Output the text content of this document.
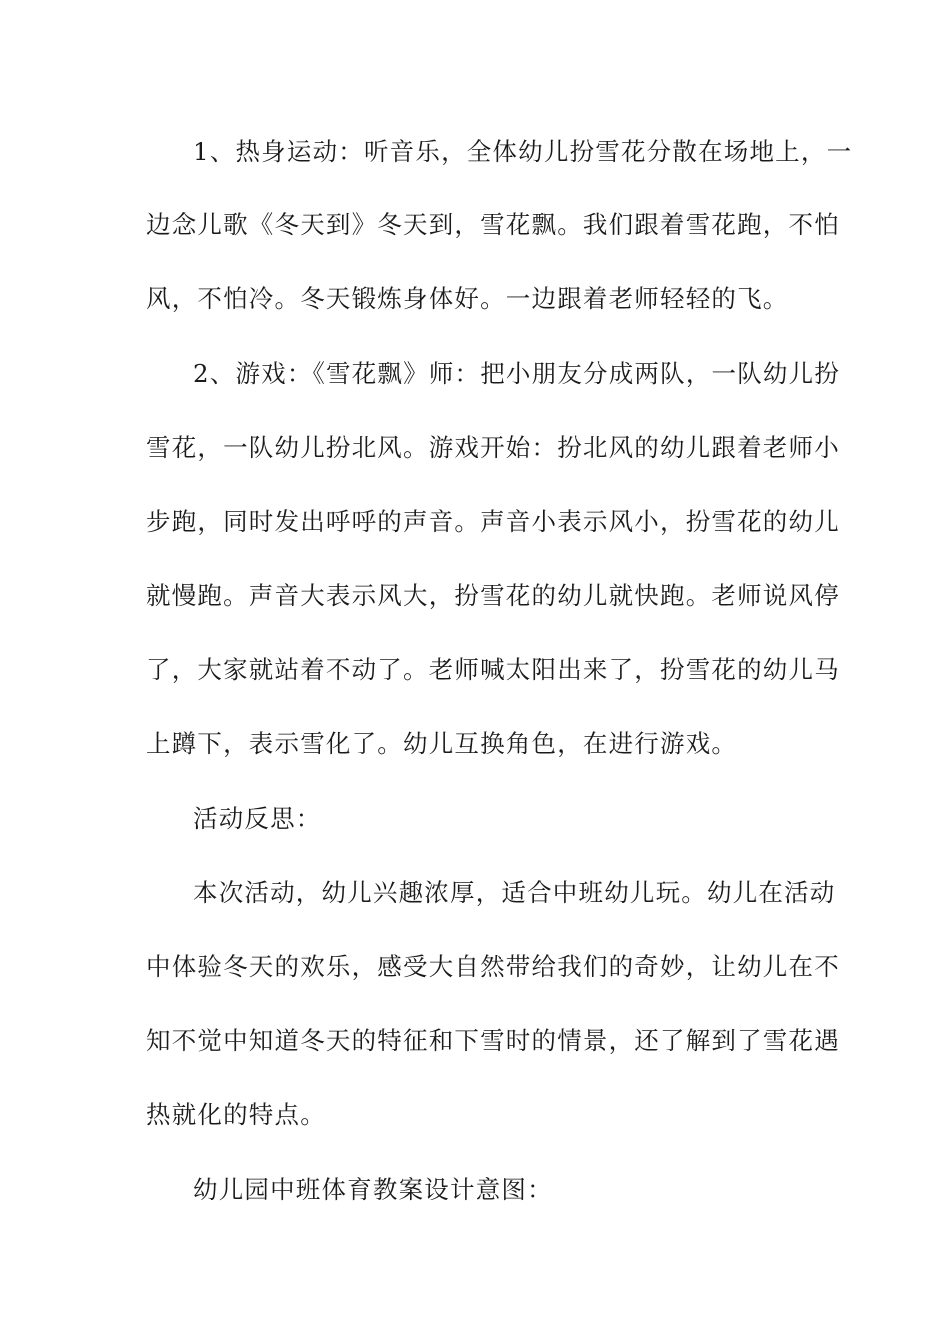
1、热身运动：听音乐，全体幼儿扮雪花分散在场地上，一
边念儿歌《冬天到》冬天到，雪花飘。我们跟着雪花跑，不怕
风，不怕冷。冬天锻炼身体好。一边跟着老师轻轻的飞。
2、游戏：《雪花飘》师：把小朋友分成两队，一队幼儿扮
雪花，一队幼儿扮北风。游戏开始：扮北风的幼儿跟着老师小
步跑，同时发出呼呼的声音。声音小表示风小，扮雪花的幼儿
就慢跑。声音大表示风大，扮雪花的幼儿就快跑。老师说风停
了，大家就站着不动了。老师喊太阳出来了，扮雪花的幼儿马
上蹲下，表示雪化了。幼儿互换角色，在进行游戏。
活动反思：
本次活动，幼儿兴趣浓厚，适合中班幼儿玩。幼儿在活动
中体验冬天的欢乐，感受大自然带给我们的奇妙，让幼儿在不
知不觉中知道冬天的特征和下雪时的情景，还了解到了雪花遇
热就化的特点。
幼儿园中班体育教案设计意图：
